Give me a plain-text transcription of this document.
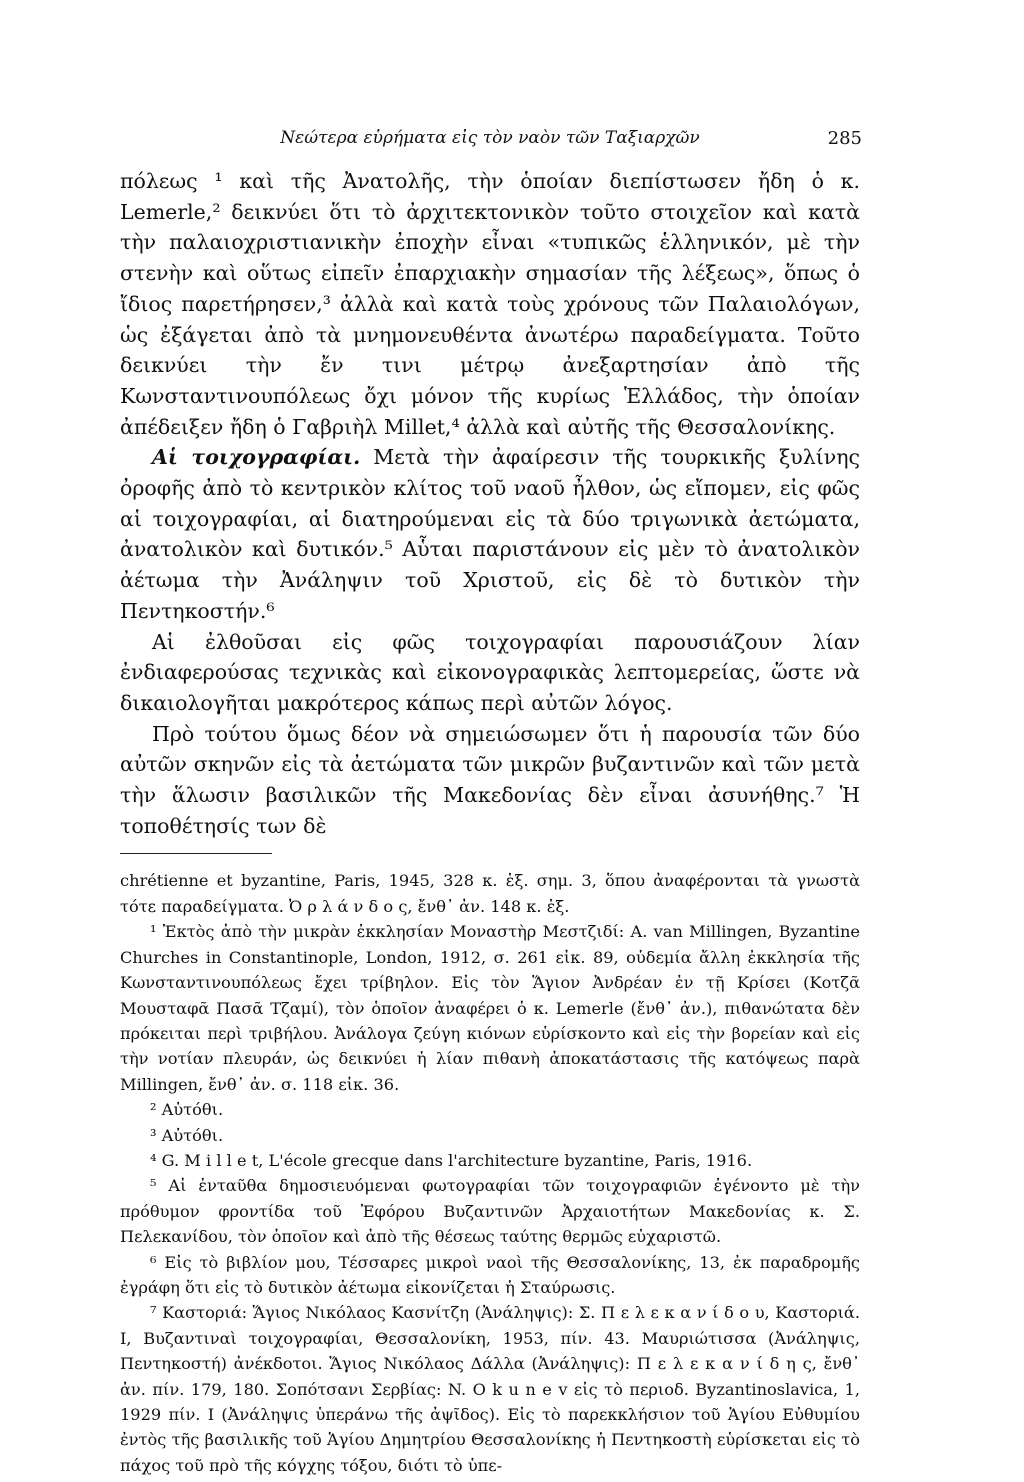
Νεώτερα εὑρήματα εἰς τὸν ναὸν τῶν Ταξιαρχῶν	285

πόλεως ¹ καὶ τῆς Ἀνατολῆς, τὴν ὁποίαν διεπίστωσεν ἤδη ὁ κ. Lemerle,² δεικνύει ὅτι τὸ ἀρχιτεκτονικὸν τοῦτο στοιχεῖον καὶ κατὰ τὴν παλαιοχριστιανικὴν ἐποχὴν εἶναι «τυπικῶς ἑλληνικόν, μὲ τὴν στενὴν καὶ οὕτως εἰπεῖν ἐπαρχιακὴν σημασίαν τῆς λέξεως», ὅπως ὁ ἴδιος παρετήρησεν,³ ἀλλὰ καὶ κατὰ τοὺς χρόνους τῶν Παλαιολόγων, ὡς ἐξάγεται ἀπὸ τὰ μνημονευθέντα ἀνωτέρω παραδείγματα. Τοῦτο δεικνύει τὴν ἔν τινι μέτρῳ ἀνεξαρτησίαν ἀπὸ τῆς Κωνσταντινουπόλεως ὄχι μόνον τῆς κυρίως Ἑλλάδος, τὴν ὁποίαν ἀπέδειξεν ἤδη ὁ Γαβριὴλ Millet,⁴ ἀλλὰ καὶ αὐτῆς τῆς Θεσσαλονίκης.

Αἱ τοιχογραφίαι. Μετὰ τὴν ἀφαίρεσιν τῆς τουρκικῆς ξυλίνης ὀροφῆς ἀπὸ τὸ κεντρικὸν κλίτος τοῦ ναοῦ ἦλθον, ὡς εἴπομεν, εἰς φῶς αἱ τοιχογραφίαι, αἱ διατηρούμεναι εἰς τὰ δύο τριγωνικὰ ἀετώματα, ἀνατολικὸν καὶ δυτικόν.⁵ Αὗται παριστάνουν εἰς μὲν τὸ ἀνατολικὸν ἀέτωμα τὴν Ἀνάληψιν τοῦ Χριστοῦ, εἰς δὲ τὸ δυτικὸν τὴν Πεντηκοστήν.⁶

Αἱ ἐλθοῦσαι εἰς φῶς τοιχογραφίαι παρουσιάζουν λίαν ἐνδιαφερούσας τεχνικὰς καὶ εἰκονογραφικὰς λεπτομερείας, ὥστε νὰ δικαιολογῆται μακρότερος κάπως περὶ αὐτῶν λόγος.

Πρὸ τούτου ὅμως δέον νὰ σημειώσωμεν ὅτι ἡ παρουσία τῶν δύο αὐτῶν σκηνῶν εἰς τὰ ἀετώματα τῶν μικρῶν βυζαντινῶν καὶ τῶν μετὰ τὴν ἅλωσιν βασιλικῶν τῆς Μακεδονίας δὲν εἶναι ἀσυνήθης.⁷ Ἡ τοποθέτησίς των δὲ

chrétienne et byzantine, Paris, 1945, 328 κ. ἑξ. σημ. 3, ὅπου ἀναφέρονται τὰ γνωστὰ τότε παραδείγματα. Ὀ ρ λ ά ν δ ο ς, ἔνθ᾽ ἀν. 148 κ. ἑξ.

¹ Ἐκτὸς ἀπὸ τὴν μικρὰν ἐκκλησίαν Μοναστὴρ Μεστζιδί: A. van Millingen, Byzantine Churches in Constantinople, London, 1912, σ. 261 εἰκ. 89, οὐδεμία ἄλλη ἐκκλησία τῆς Κωνσταντινουπόλεως ἔχει τρίβηλον. Εἰς τὸν Ἅγιον Ἀνδρέαν ἐν τῇ Κρίσει (Κοτζᾶ Μουσταφᾶ Πασᾶ Τζαμί), τὸν ὁποῖον ἀναφέρει ὁ κ. Lemerle (ἔνθ᾽ ἀν.), πιθανώτατα δὲν πρόκειται περὶ τριβήλου. Ἀνάλογα ζεύγη κιόνων εὑρίσκοντο καὶ εἰς τὴν βορείαν καὶ εἰς τὴν νοτίαν πλευράν, ὡς δεικνύει ἡ λίαν πιθανὴ ἀποκατάστασις τῆς κατόψεως παρὰ Millingen, ἔνθ᾽ ἀν. σ. 118 εἰκ. 36.

² Αὐτόθι.

³ Αὐτόθι.

⁴ G. M i l l e t, L'école grecque dans l'architecture byzantine, Paris, 1916.

⁵ Αἱ ἐνταῦθα δημοσιευόμεναι φωτογραφίαι τῶν τοιχογραφιῶν ἐγένοντο μὲ τὴν πρόθυμον φροντίδα τοῦ Ἐφόρου Βυζαντινῶν Ἀρχαιοτήτων Μακεδονίας κ. Σ. Πελεκανίδου, τὸν ὁποῖον καὶ ἀπὸ τῆς θέσεως ταύτης θερμῶς εὐχαριστῶ.

⁶ Εἰς τὸ βιβλίον μου, Τέσσαρες μικροὶ ναοὶ τῆς Θεσσαλονίκης, 13, ἐκ παραδρομῆς ἐγράφη ὅτι εἰς τὸ δυτικὸν ἀέτωμα εἰκονίζεται ἡ Σταύρωσις.

⁷ Καστοριά: Ἅγιος Νικόλαος Κασνίτζη (Ἀνάληψις): Σ. Π ε λ ε κ α ν ί δ ο υ, Καστοριά. I, Βυζαντιναὶ τοιχογραφίαι, Θεσσαλονίκη, 1953, πίν. 43. Μαυριώτισσα (Ἀνάληψις, Πεντηκοστή) ἀνέκδοτοι. Ἅγιος Νικόλαος Δάλλα (Ἀνάληψις): Π ε λ ε κ α ν ί δ η ς, ἔνθ᾽ ἀν. πίν. 179, 180. Σοπότσανι Σερβίας: N. O k u n e v εἰς τὸ περιοδ. Byzantinoslavica, 1, 1929 πίν. I (Ἀνάληψις ὑπεράνω τῆς ἀψῖδος). Εἰς τὸ παρεκκλήσιον τοῦ Ἁγίου Εὐθυμίου ἐντὸς τῆς βασιλικῆς τοῦ Ἁγίου Δημητρίου Θεσσαλονίκης ἡ Πεντηκοστὴ εὑρίσκεται εἰς τὸ πάχος τοῦ πρὸ τῆς κόγχης τόξου, διότι τὸ ὑπε-
